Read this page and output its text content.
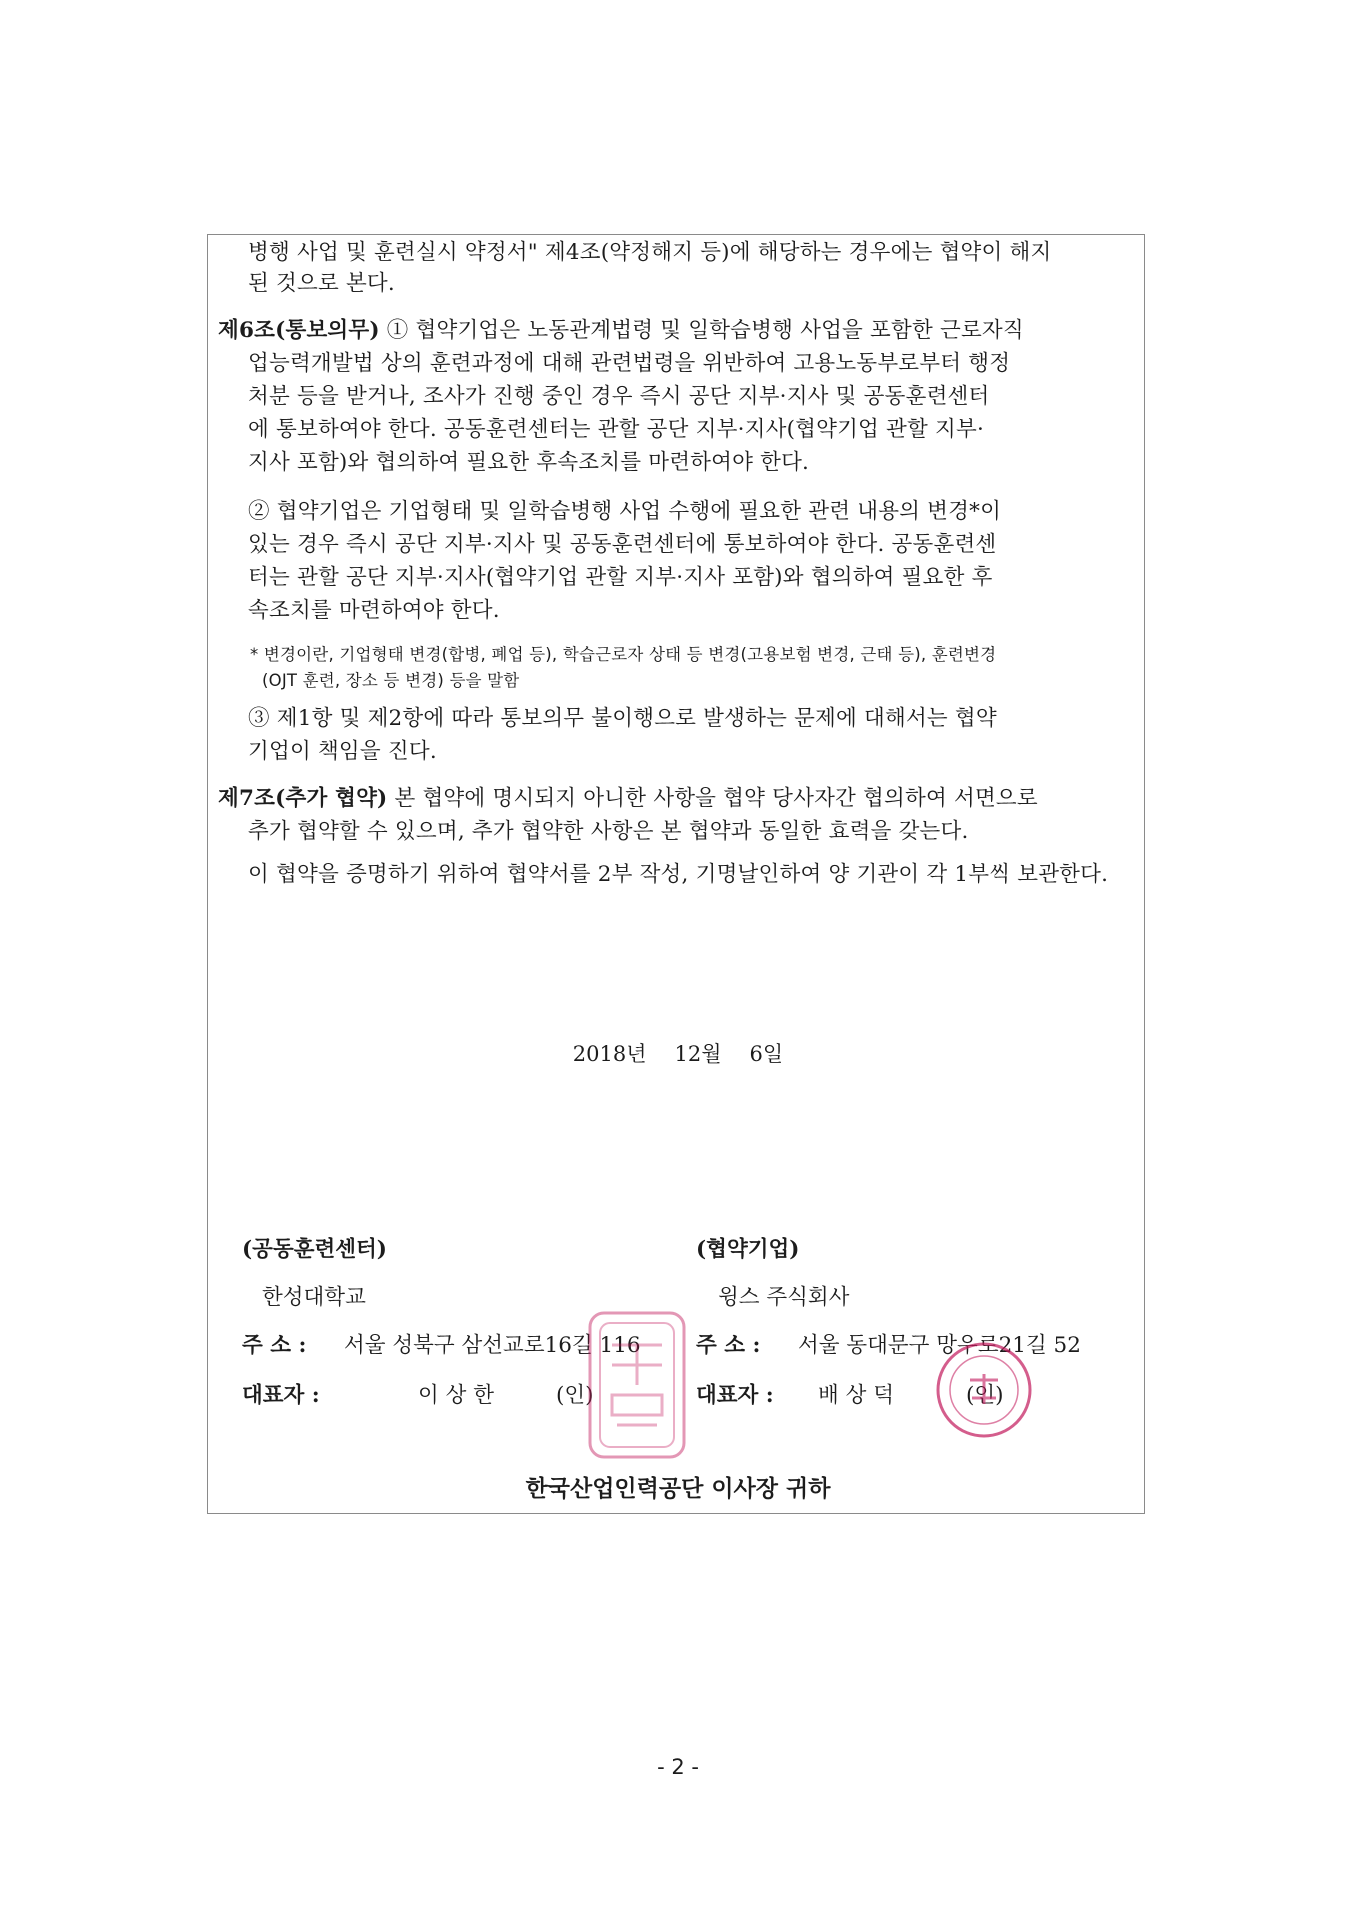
병행 사업 및 훈련실시 약정서" 제4조(약정해지 등)에 해당하는 경우에는 협약이 해지
된 것으로 본다.
제6조(통보의무) ① 협약기업은 노동관계법령 및 일학습병행 사업을 포함한 근로자직
업능력개발법 상의 훈련과정에 대해 관련법령을 위반하여 고용노동부로부터 행정
처분 등을 받거나, 조사가 진행 중인 경우 즉시 공단 지부·지사 및 공동훈련센터
에 통보하여야 한다. 공동훈련센터는 관할 공단 지부·지사(협약기업 관할 지부·
지사 포함)와 협의하여 필요한 후속조치를 마련하여야 한다.
② 협약기업은 기업형태 및 일학습병행 사업 수행에 필요한 관련 내용의 변경*이
있는 경우 즉시 공단 지부·지사 및 공동훈련센터에 통보하여야 한다. 공동훈련센
터는 관할 공단 지부·지사(협약기업 관할 지부·지사 포함)와 협의하여 필요한 후
속조치를 마련하여야 한다.
* 변경이란, 기업형태 변경(합병, 폐업 등), 학습근로자 상태 등 변경(고용보험 변경, 근태 등), 훈련변경
(OJT 훈련, 장소 등 변경) 등을 말함
③ 제1항 및 제2항에 따라 통보의무 불이행으로 발생하는 문제에 대해서는 협약
기업이 책임을 진다.
제7조(추가 협약) 본 협약에 명시되지 아니한 사항을 협약 당사자간 협의하여 서면으로
추가 협약할 수 있으며, 추가 협약한 사항은 본 협약과 동일한 효력을 갖는다.
이 협약을 증명하기 위하여 협약서를 2부 작성, 기명날인하여 양 기관이 각 1부씩 보관한다.
2018년 12월 6일
(공동훈련센터)
한성대학교
주 소 : 서울 성북구 삼선교로16길 116
대표자 :	이 상 한	(인)
(협약기업)
윙스 주식회사
주 소 : 서울 동대문구 망우로21길 52
대표자 : 배 상 덕	(인)
한국산업인력공단 이사장 귀하
- 2 -
